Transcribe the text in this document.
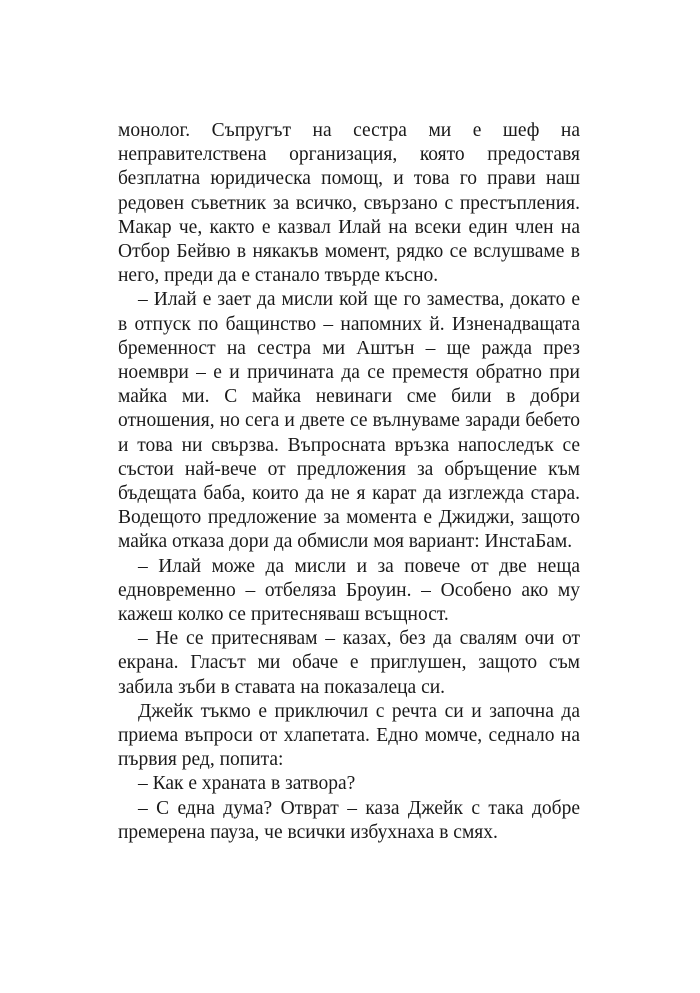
монолог. Съпругът на сестра ми е шеф на неправителствена организация, която предоставя безплатна юридическа помощ, и това го прави наш редовен съветник за всичко, свързано с престъпления. Макар че, както е казвал Илай на всеки един член на Отбор Бейвю в някакъв момент, рядко се вслушваме в него, преди да е станало твърде късно.

– Илай е зает да мисли кой ще го замества, докато е в отпуск по бащинство – напомних й. Изненадващата бременност на сестра ми Аштън – ще ражда през ноември – е и причината да се преместя обратно при майка ми. С майка невинаги сме били в добри отношения, но сега и двете се вълнуваме заради бебето и това ни свързва. Въпросната връзка напоследък се състои най-вече от предложения за обръщение към бъдещата баба, които да не я карат да изглежда стара. Водещото предложение за момента е Джиджи, защото майка отказа дори да обмисли моя вариант: ИнстаБам.

– Илай може да мисли и за повече от две неща едновременно – отбеляза Броуин. – Особено ако му кажеш колко се притесняваш всъщност.

– Не се притеснявам – казах, без да свалям очи от екрана. Гласът ми обаче е приглушен, защото съм забила зъби в ставата на показалеца си.

Джейк тъкмо е приключил с речта си и започна да приема въпроси от хлапетата. Едно момче, седнало на първия ред, попита:

– Как е храната в затвора?

– С една дума? Отврат – каза Джейк с така добре премерена пауза, че всички избухнаха в смях.
